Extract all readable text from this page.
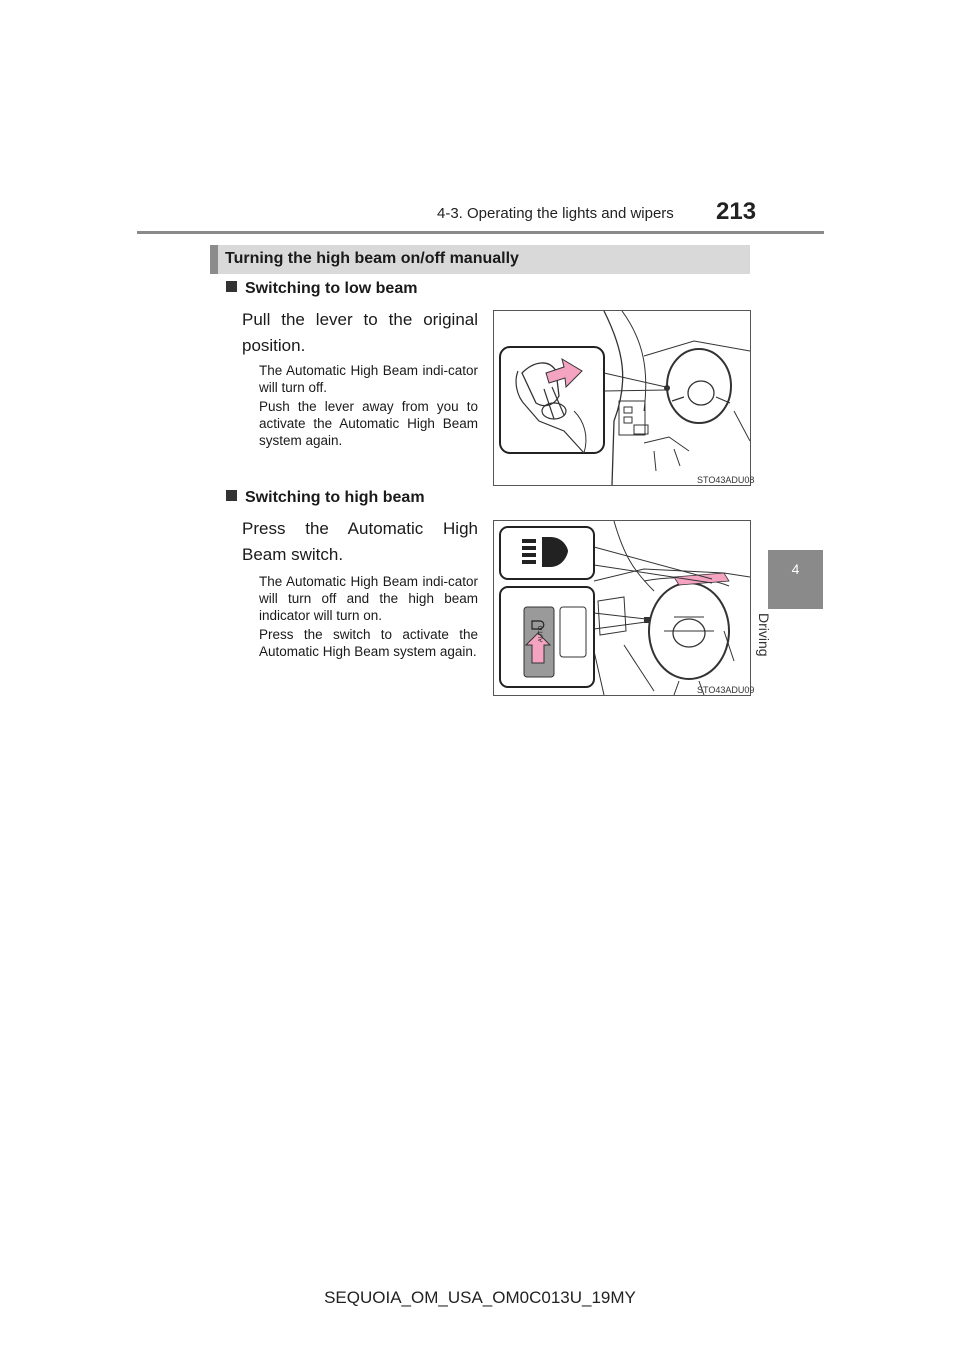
4-3. Operating the lights and wipers 213
4
Driving
Turning the high beam on/off manually
Switching to low beam
Pull the lever to the original position.
The Automatic High Beam indi-cator will turn off.
Push the lever away from you to activate the Automatic High Beam system again.
STO43ADU08
Switching to high beam
Press the Automatic High Beam switch.
The Automatic High Beam indi-cator will turn off and the high beam indicator will turn on.
Press the switch to activate the Automatic High Beam system again.
AUTO
STO43ADU09
SEQUOIA_OM_USA_OM0C013U_19MY
